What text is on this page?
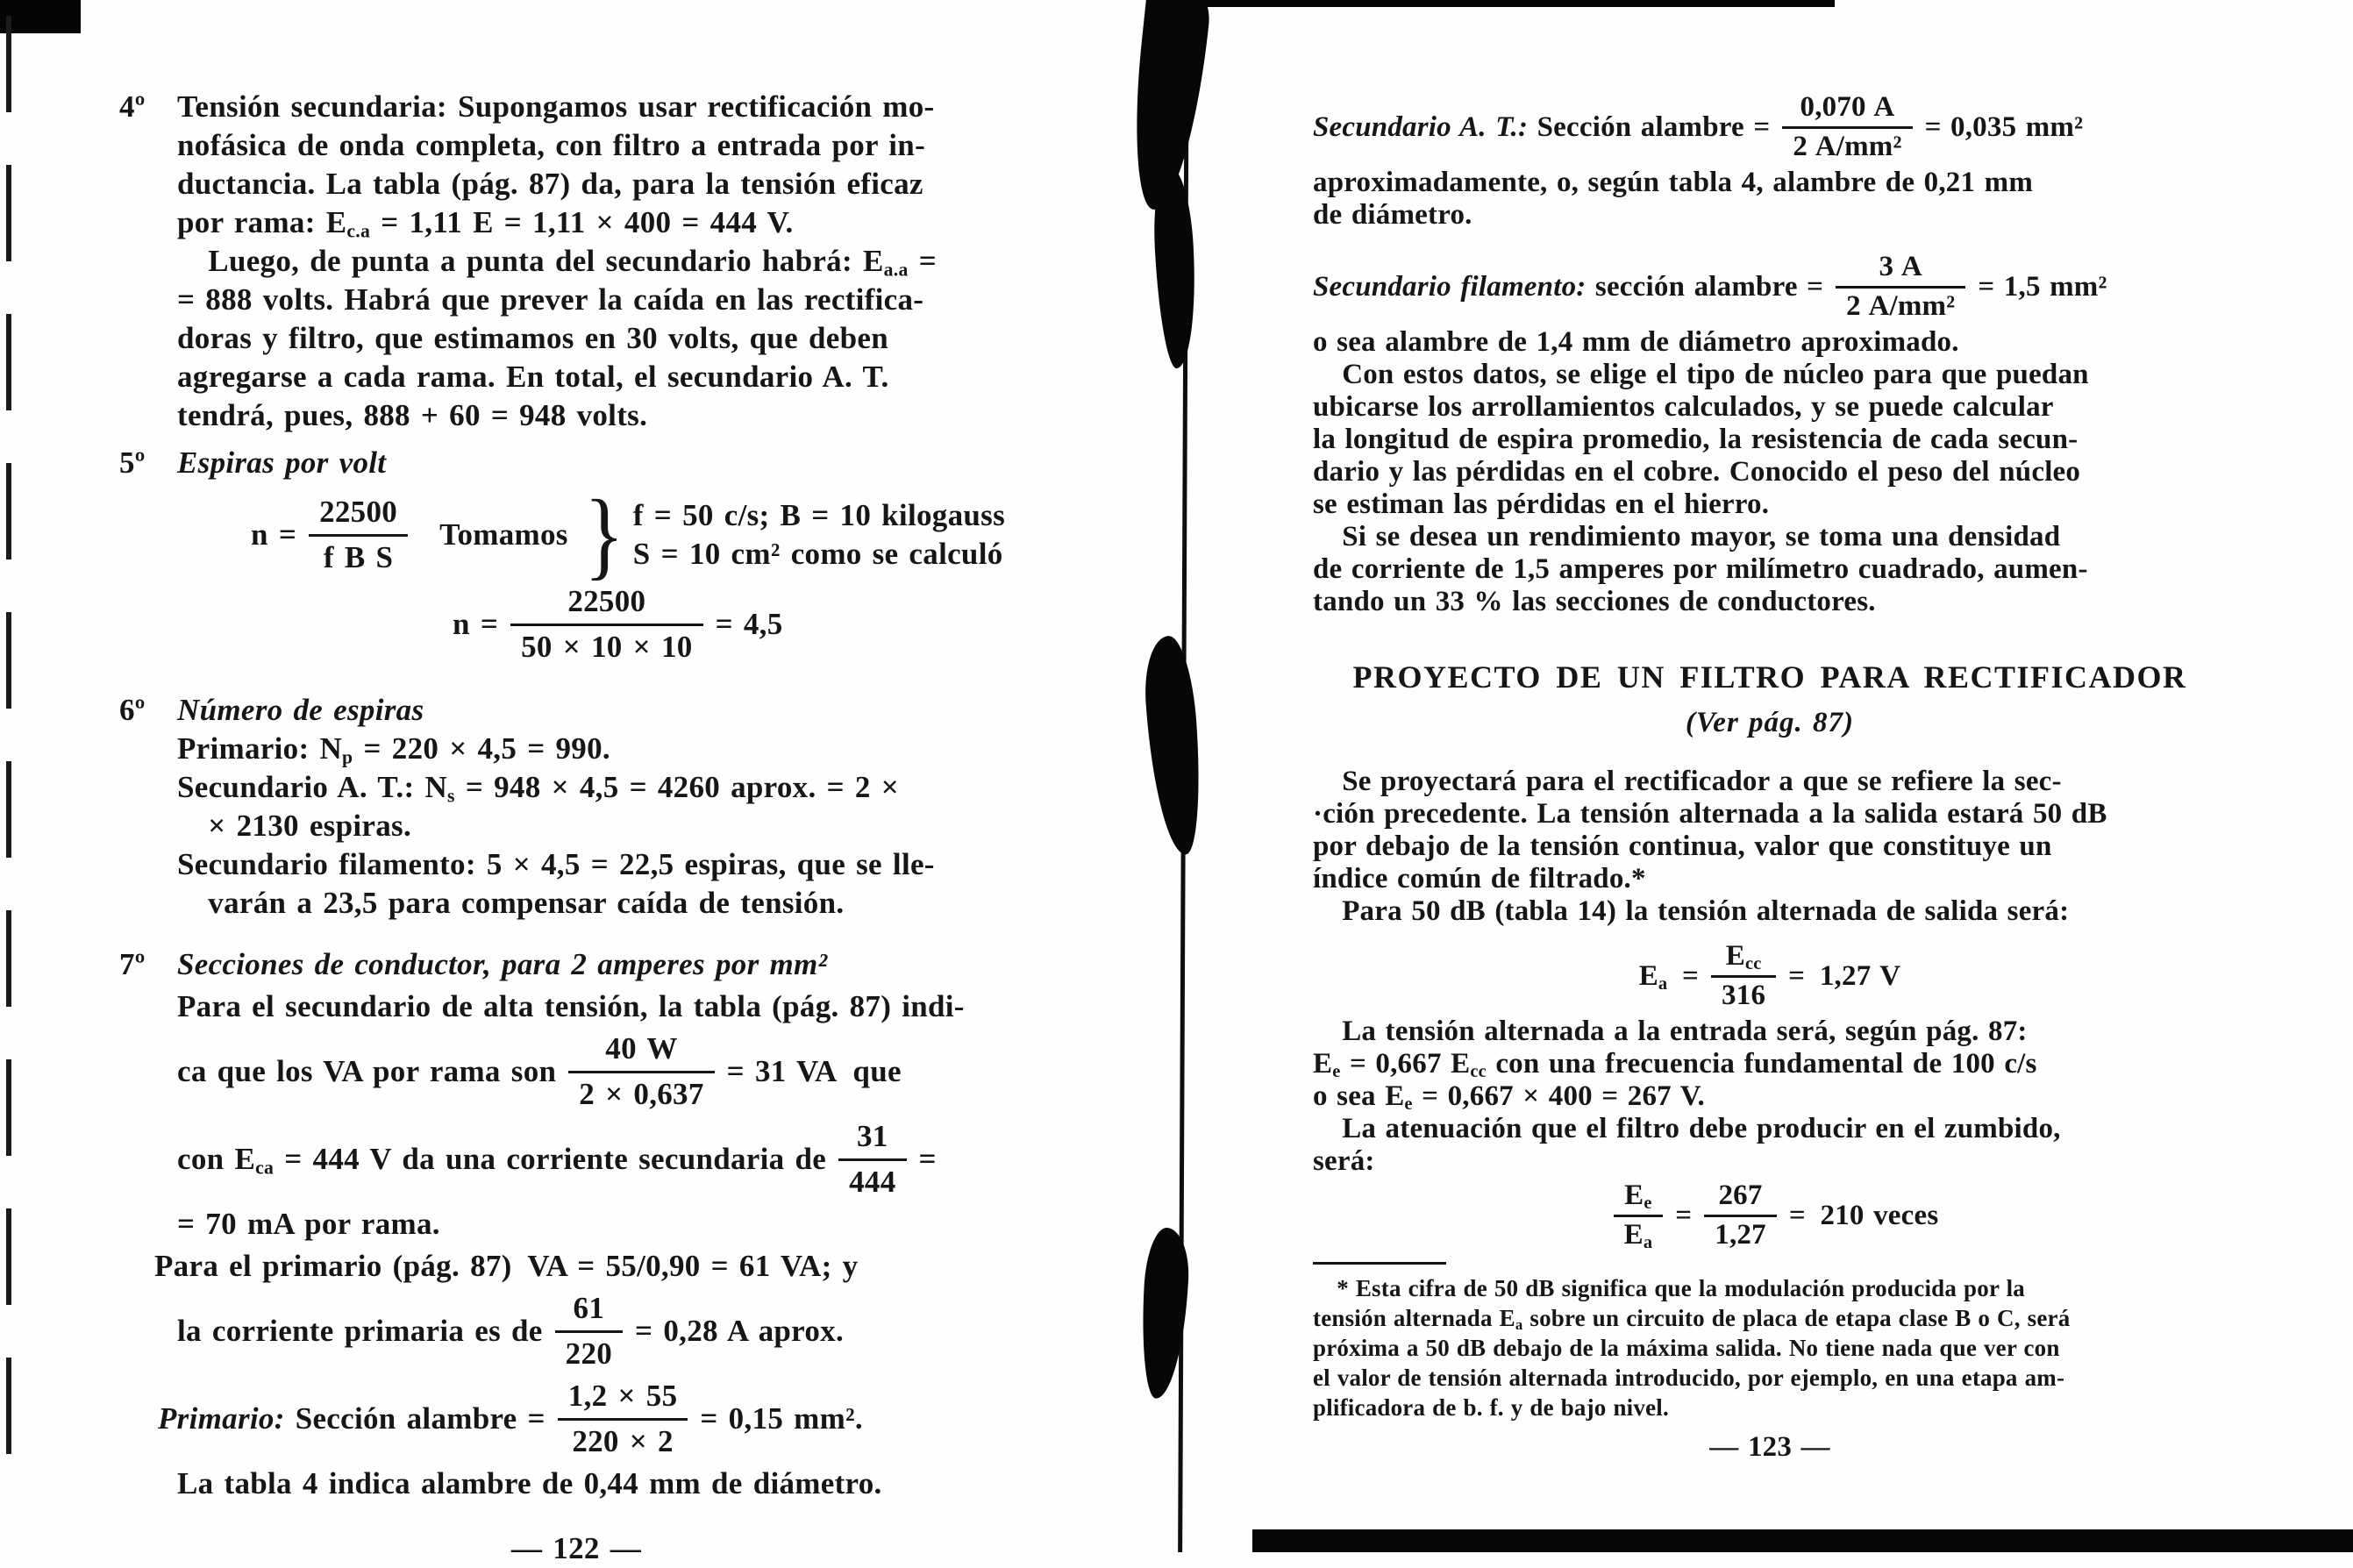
4º	Tensión secundaria: Supongamos usar rectificación mo-
nofásica de onda completa, con filtro a entrada por in-
ductancia. La tabla (pág. 87) da, para la tensión eficaz
por rama: $E_{c.a} = 1,11$ E = 1,11 × 400 = 444 V.
 Luego, de punta a punta del secundario habrá: $E_{a.a}$ =
= 888 volts. Habrá que prever la caída en las rectifica-
doras y filtro, que estimamos en 30 volts, que deben
agregarse a cada rama. En total, el secundario A. T.
tendrá, pues, 888 + 60 = 948 volts.
5º	Espiras por volt
$n = \frac{22500}{\text{f B S}}$ Tomamos } f = 50 c/s; B = 10 kilogauss
S = 10 cm² como se calculó
$n = \frac{22500}{50 \times 10 \times 10} = 4,5$
6º	Número de espiras
Primario: $N_p = 220 \times 4,5 = 990$.
Secundario A. T.: $N_s = 948 \times 4,5 = 4260$ aprox. = 2 ×
 × 2130 espiras.
Secundario filamento: 5 × 4,5 = 22,5 espiras, que se lle-
 varán a 23,5 para compensar caída de tensión.
7º	Secciones de conductor, para 2 amperes por mm²
Para el secundario de alta tensión, la tabla (pág. 87) indi-
ca que los VA por rama son $\frac{40 W}{2 \times 0,637} = 31$ VA que
con $E_{ca} = 444$ V da una corriente secundaria de $\frac{31}{444}$ =
= 70 mA por rama.
Para el primario (pág. 87) VA = 55/0,90 = 61 VA; y
la corriente primaria es de $\frac{61}{220} = 0,28$ A aprox.
Primario: Sección alambre = $\frac{1,2 \times 55}{220 \times 2} = 0,15$ mm².
La tabla 4 indica alambre de 0,44 mm de diámetro.
— 122 —
Secundario A. T.: Sección alambre = $\frac{0,070 A}{\text{2 A/mm²}} = 0,035$ mm²
aproximadamente, o, según tabla 4, alambre de 0,21 mm
de diámetro.
Secundario filamento: sección alambre = $\frac{3 A}{\text{2 A/mm²}} = 1,5$ mm²
o sea alambre de 1,4 mm de diámetro aproximado.
 Con estos datos, se elige el tipo de núcleo para que puedan
ubicarse los arrollamientos calculados, y se puede calcular
la longitud de espira promedio, la resistencia de cada secun-
dario y las pérdidas en el cobre. Conocido el peso del núcleo
se estiman las pérdidas en el hierro.
 Si se desea un rendimiento mayor, se toma una densidad
de corriente de 1,5 amperes por milímetro cuadrado, aumen-
tando un 33 % las secciones de conductores.
PROYECTO DE UN FILTRO PARA RECTIFICADOR
(Ver pág. 87)
 Se proyectará para el rectificador a que se refiere la sec-
·ción precedente. La tensión alternada a la salida estará 50 dB
por debajo de la tensión continua, valor que constituye un
índice común de filtrado.*
 Para 50 dB (tabla 14) la tensión alternada de salida será:
$E_a$ = $\frac{E_{cc}}{316}$ = 1,27 V
 La tensión alternada a la entrada será, según pág. 87:
$E_e = 0,667$ $E_{cc}$ con una frecuencia fundamental de 100 c/s
o sea $E_e = 0,667 \times 400 = 267$ V.
 La atenuación que el filtro debe producir en el zumbido,
será:
$\frac{E_e}{E_a} = \frac{267}{1,27}$ = 210 veces
 * Esta cifra de 50 dB significa que la modulación producida por la
tensión alternada $E_a$ sobre un circuito de placa de etapa clase B o C, será
próxima a 50 dB debajo de la máxima salida. No tiene nada que ver con
el valor de tensión alternada introducido, por ejemplo, en una etapa am-
plificadora de b. f. y de bajo nivel.
— 123 —
